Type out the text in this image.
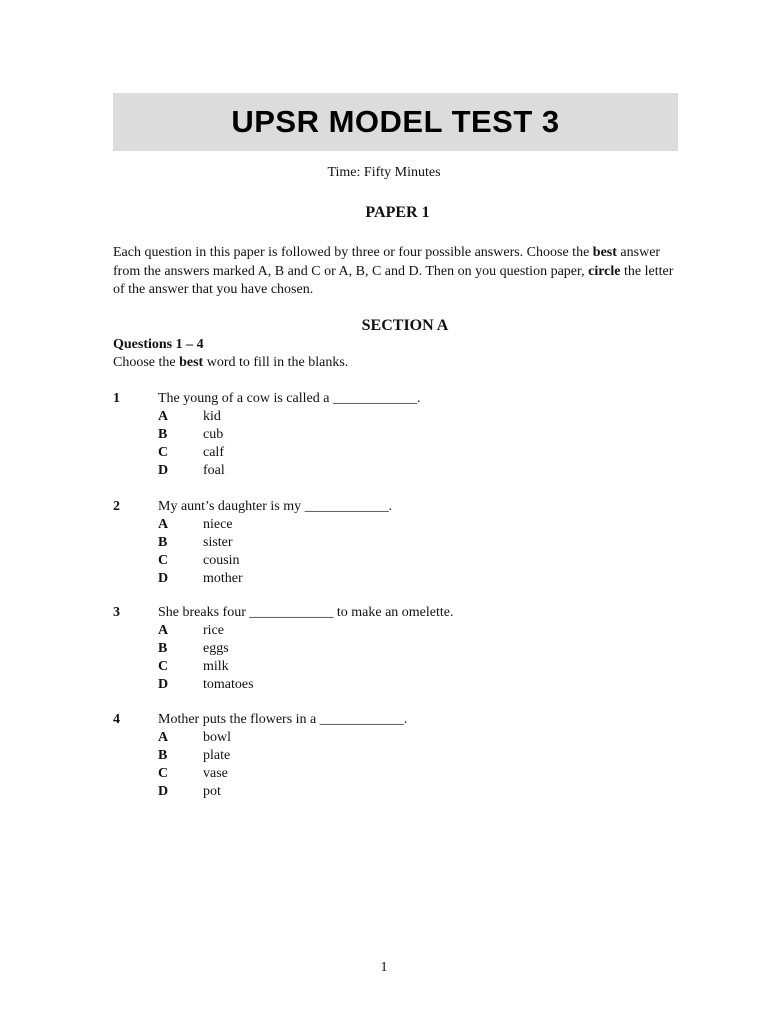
UPSR MODEL TEST 3
Time: Fifty Minutes
PAPER 1
Each question in this paper is followed by three or four possible answers. Choose the best answer from the answers marked A, B and C or A, B, C and D. Then on you question paper, circle the letter of the answer that you have chosen.
SECTION A
Questions 1 – 4
Choose the best word to fill in the blanks.
1	The young of a cow is called a ____________.
A	kid
B	cub
C	calf
D	foal
2	My aunt’s daughter is my ____________.
A	niece
B	sister
C	cousin
D	mother
3	She breaks four ____________ to make an omelette.
A	rice
B	eggs
C	milk
D	tomatoes
4	Mother puts the flowers in a ____________.
A	bowl
B	plate
C	vase
D	pot
1
